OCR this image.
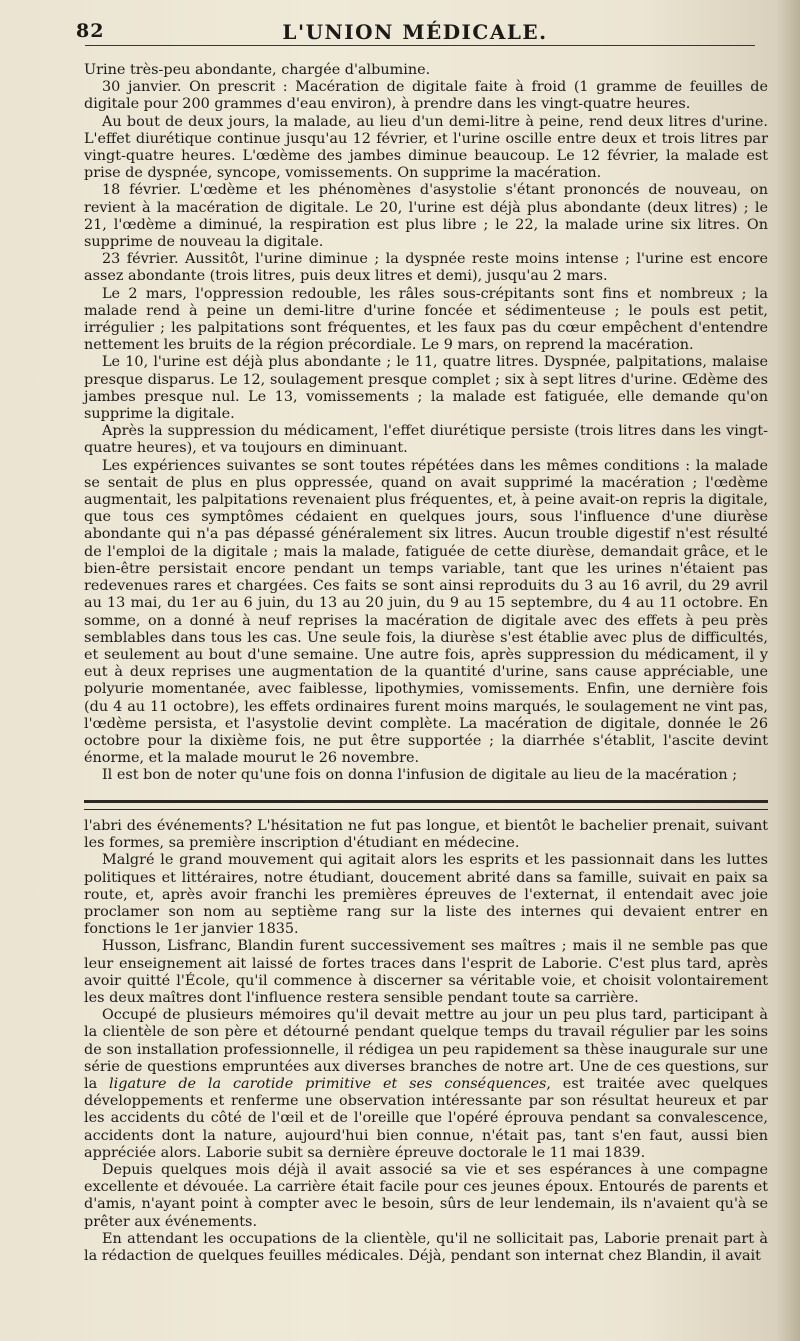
82	L'UNION MÉDICALE.

Urine très-peu abondante, chargée d'albumine.

30 janvier. On prescrit : Macération de digitale faite à froid (1 gramme de feuilles de digitale pour 200 grammes d'eau environ), à prendre dans les vingt-quatre heures.

Au bout de deux jours, la malade, au lieu d'un demi-litre à peine, rend deux litres d'urine. L'effet diurétique continue jusqu'au 12 février, et l'urine oscille entre deux et trois litres par vingt-quatre heures. L'œdème des jambes diminue beaucoup. Le 12 février, la malade est prise de dyspnée, syncope, vomissements. On supprime la macération.

18 février. L'œdème et les phénomènes d'asystolie s'étant prononcés de nouveau, on revient à la macération de digitale. Le 20, l'urine est déjà plus abondante (deux litres) ; le 21, l'œdème a diminué, la respiration est plus libre ; le 22, la malade urine six litres. On supprime de nouveau la digitale.

23 février. Aussitôt, l'urine diminue ; la dyspnée reste moins intense ; l'urine est encore assez abondante (trois litres, puis deux litres et demi), jusqu'au 2 mars.

Le 2 mars, l'oppression redouble, les râles sous-crépitants sont fins et nombreux ; la malade rend à peine un demi-litre d'urine foncée et sédimenteuse ; le pouls est petit, irrégulier ; les palpitations sont fréquentes, et les faux pas du cœur empêchent d'entendre nettement les bruits de la région précordiale. Le 9 mars, on reprend la macération.

Le 10, l'urine est déjà plus abondante ; le 11, quatre litres. Dyspnée, palpitations, malaise presque disparus. Le 12, soulagement presque complet ; six à sept litres d'urine. Œdème des jambes presque nul. Le 13, vomissements ; la malade est fatiguée, elle demande qu'on supprime la digitale.

Après la suppression du médicament, l'effet diurétique persiste (trois litres dans les vingt-quatre heures), et va toujours en diminuant.

Les expériences suivantes se sont toutes répétées dans les mêmes conditions : la malade se sentait de plus en plus oppressée, quand on avait supprimé la macération ; l'œdème augmentait, les palpitations revenaient plus fréquentes, et, à peine avait-on repris la digitale, que tous ces symptômes cédaient en quelques jours, sous l'influence d'une diurèse abondante qui n'a pas dépassé généralement six litres. Aucun trouble digestif n'est résulté de l'emploi de la digitale ; mais la malade, fatiguée de cette diurèse, demandait grâce, et le bien-être persistait encore pendant un temps variable, tant que les urines n'étaient pas redevenues rares et chargées. Ces faits se sont ainsi reproduits du 3 au 16 avril, du 29 avril au 13 mai, du 1er au 6 juin, du 13 au 20 juin, du 9 au 15 septembre, du 4 au 11 octobre. En somme, on a donné à neuf reprises la macération de digitale avec des effets à peu près semblables dans tous les cas. Une seule fois, la diurèse s'est établie avec plus de difficultés, et seulement au bout d'une semaine. Une autre fois, après suppression du médicament, il y eut à deux reprises une augmentation de la quantité d'urine, sans cause appréciable, une polyurie momentanée, avec faiblesse, lipothymies, vomissements. Enfin, une dernière fois (du 4 au 11 octobre), les effets ordinaires furent moins marqués, le soulagement ne vint pas, l'œdème persista, et l'asystolie devint complète. La macération de digitale, donnée le 26 octobre pour la dixième fois, ne put être supportée ; la diarrhée s'établit, l'ascite devint énorme, et la malade mourut le 26 novembre.

Il est bon de noter qu'une fois on donna l'infusion de digitale au lieu de la macération ;

l'abri des événements? L'hésitation ne fut pas longue, et bientôt le bachelier prenait, suivant les formes, sa première inscription d'étudiant en médecine.

Malgré le grand mouvement qui agitait alors les esprits et les passionnait dans les luttes politiques et littéraires, notre étudiant, doucement abrité dans sa famille, suivait en paix sa route, et, après avoir franchi les premières épreuves de l'externat, il entendait avec joie proclamer son nom au septième rang sur la liste des internes qui devaient entrer en fonctions le 1er janvier 1835.

Husson, Lisfranc, Blandin furent successivement ses maîtres ; mais il ne semble pas que leur enseignement ait laissé de fortes traces dans l'esprit de Laborie. C'est plus tard, après avoir quitté l'École, qu'il commence à discerner sa véritable voie, et choisit volontairement les deux maîtres dont l'influence restera sensible pendant toute sa carrière.

Occupé de plusieurs mémoires qu'il devait mettre au jour un peu plus tard, participant à la clientèle de son père et détourné pendant quelque temps du travail régulier par les soins de son installation professionnelle, il rédigea un peu rapidement sa thèse inaugurale sur une série de questions empruntées aux diverses branches de notre art. Une de ces questions, sur la ligature de la carotide primitive et ses conséquences, est traitée avec quelques développements et renferme une observation intéressante par son résultat heureux et par les accidents du côté de l'œil et de l'oreille que l'opéré éprouva pendant sa convalescence, accidents dont la nature, aujourd'hui bien connue, n'était pas, tant s'en faut, aussi bien appréciée alors. Laborie subit sa dernière épreuve doctorale le 11 mai 1839.

Depuis quelques mois déjà il avait associé sa vie et ses espérances à une compagne excellente et dévouée. La carrière était facile pour ces jeunes époux. Entourés de parents et d'amis, n'ayant point à compter avec le besoin, sûrs de leur lendemain, ils n'avaient qu'à se prêter aux événements.

En attendant les occupations de la clientèle, qu'il ne sollicitait pas, Laborie prenait part à la rédaction de quelques feuilles médicales. Déjà, pendant son internat chez Blandin, il avait
